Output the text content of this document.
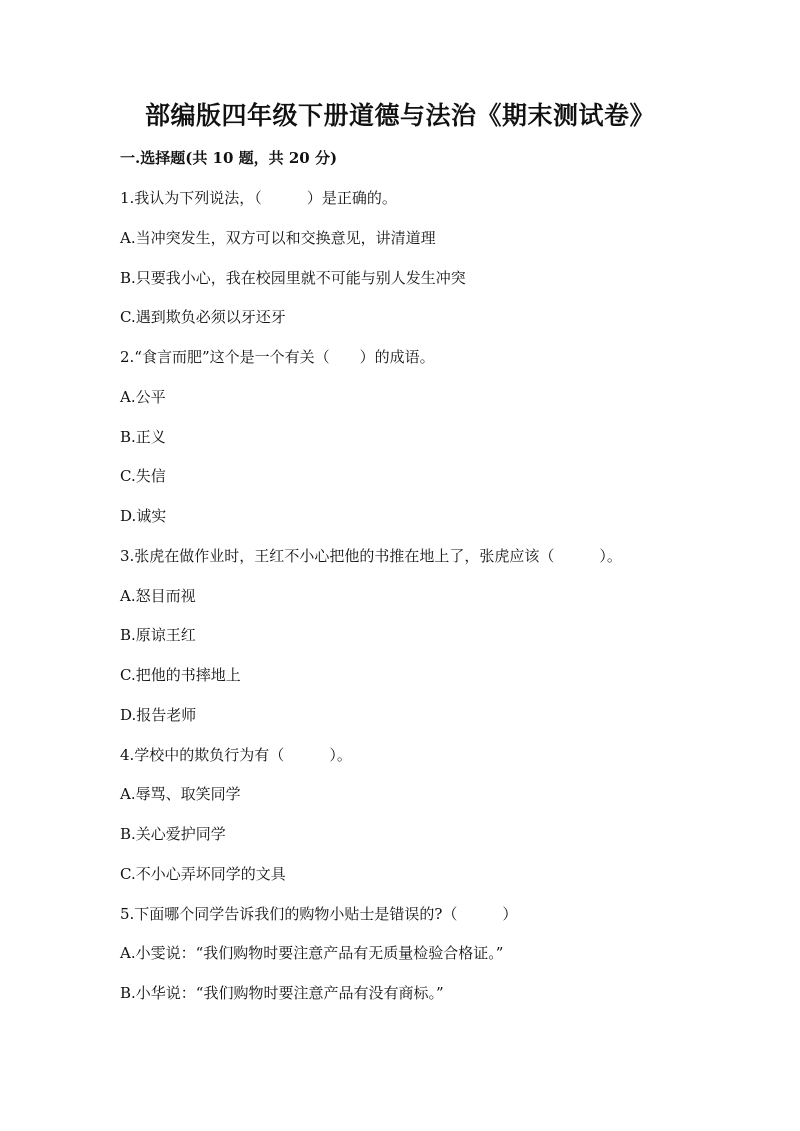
部编版四年级下册道德与法治《期末测试卷》

一.选择题(共 10 题，共 20 分)

1.我认为下列说法，（　　　）是正确的。

A.当冲突发生，双方可以和交换意见，讲清道理

B.只要我小心，我在校园里就不可能与别人发生冲突

C.遇到欺负必须以牙还牙

2.“食言而肥”这个是一个有关（　　）的成语。

A.公平

B.正义

C.失信

D.诚实

3.张虎在做作业时，王红不小心把他的书推在地上了，张虎应该（　　　）。

A.怒目而视

B.原谅王红

C.把他的书摔地上

D.报告老师

4.学校中的欺负行为有（　　　）。

A.辱骂、取笑同学

B.关心爱护同学

C.不小心弄坏同学的文具

5.下面哪个同学告诉我们的购物小贴士是错误的?（　　　）

A.小雯说：“我们购物时要注意产品有无质量检验合格证。”

B.小华说：“我们购物时要注意产品有没有商标。”
